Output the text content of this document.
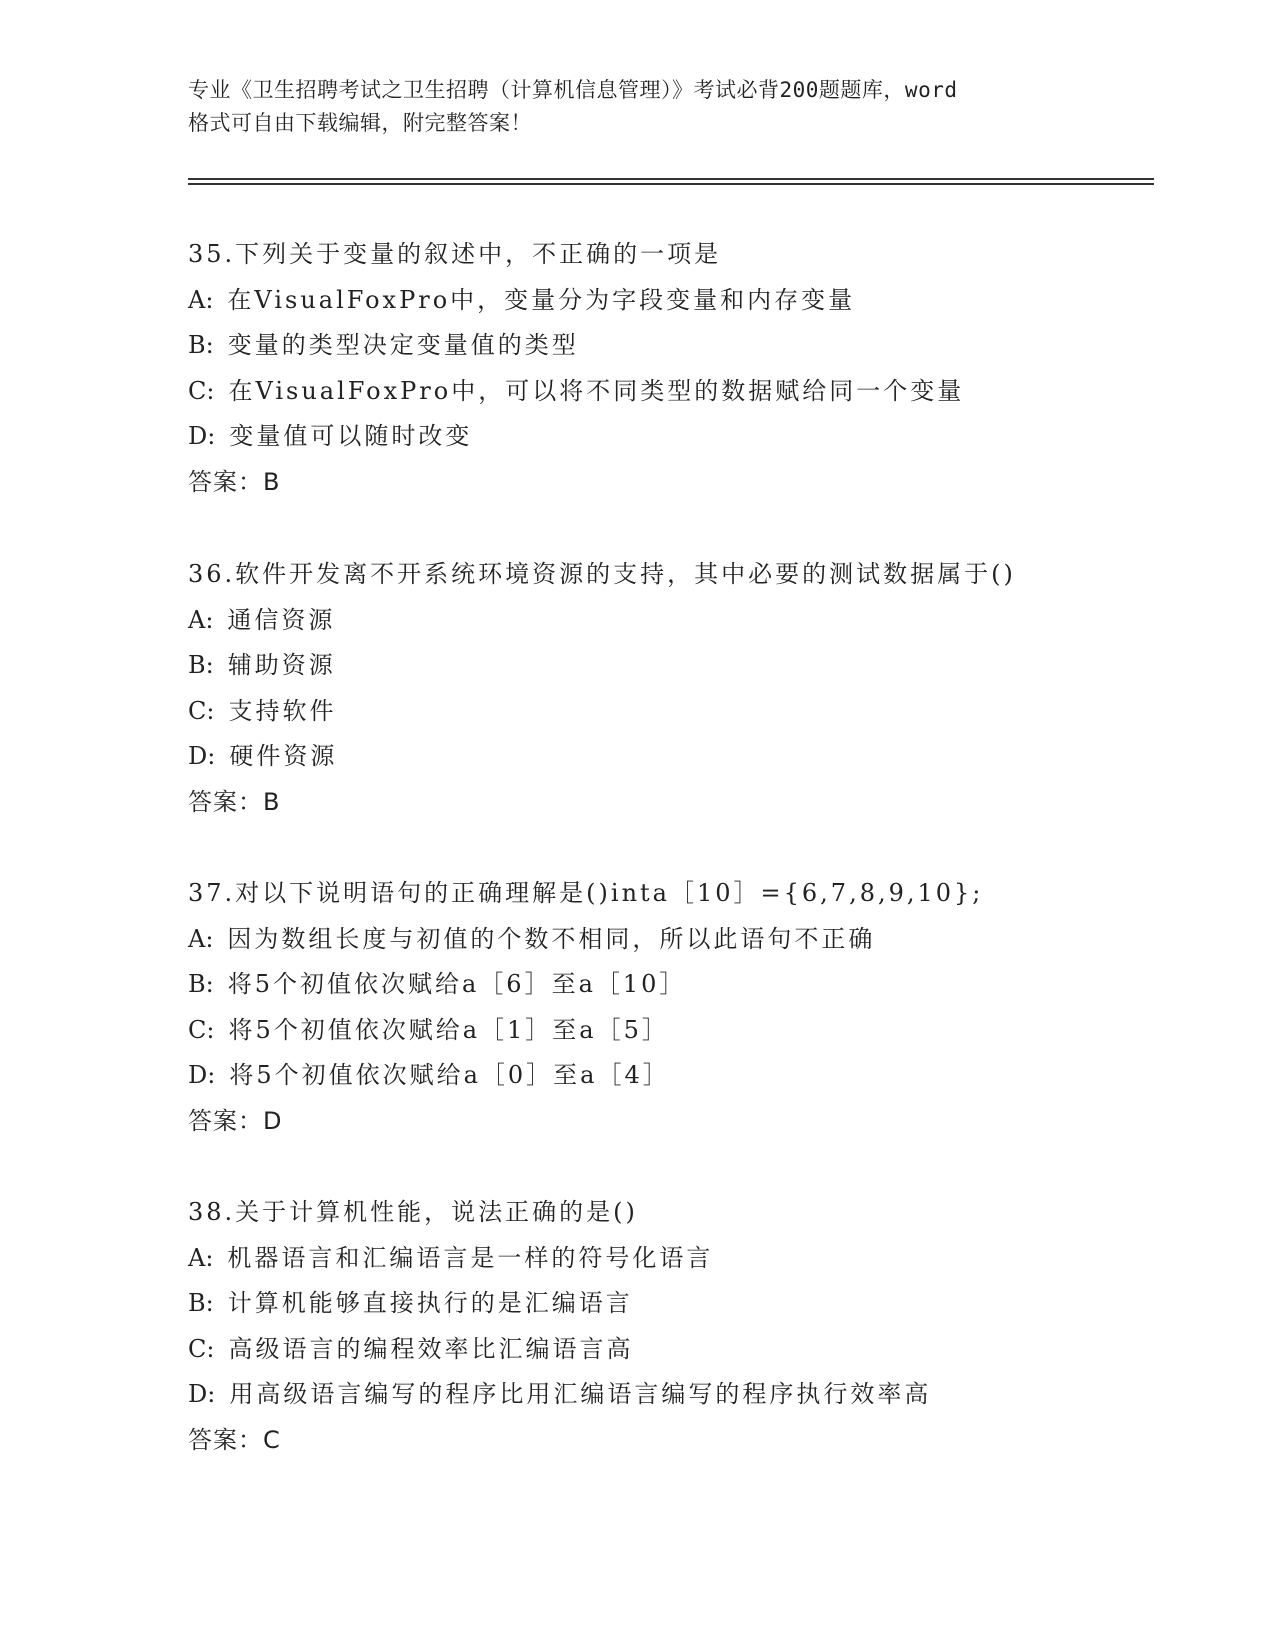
专业《卫生招聘考试之卫生招聘（计算机信息管理）》考试必背200题题库，word
格式可自由下载编辑，附完整答案！
35.下列关于变量的叙述中，不正确的一项是
A: 在VisualFoxPro中，变量分为字段变量和内存变量
B: 变量的类型决定变量值的类型
C: 在VisualFoxPro中，可以将不同类型的数据赋给同一个变量
D: 变量值可以随时改变
答案：B
36.软件开发离不开系统环境资源的支持，其中必要的测试数据属于()
A: 通信资源
B: 辅助资源
C: 支持软件
D: 硬件资源
答案：B
37.对以下说明语句的正确理解是()inta［10］={6,7,8,9,10};
A: 因为数组长度与初值的个数不相同，所以此语句不正确
B: 将5个初值依次赋给a［6］至a［10］
C: 将5个初值依次赋给a［1］至a［5］
D: 将5个初值依次赋给a［0］至a［4］
答案：D
38.关于计算机性能，说法正确的是()
A: 机器语言和汇编语言是一样的符号化语言
B: 计算机能够直接执行的是汇编语言
C: 高级语言的编程效率比汇编语言高
D: 用高级语言编写的程序比用汇编语言编写的程序执行效率高
答案：C
